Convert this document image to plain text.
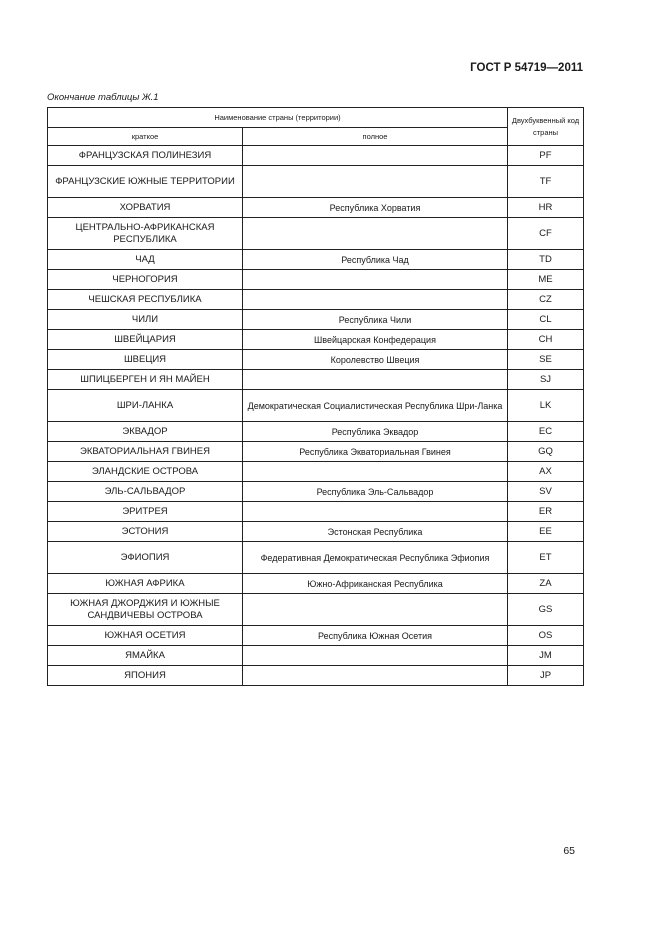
ГОСТ Р 54719—2011
Окончание таблицы Ж.1
Наименование страны (территории)		Двухбуквенный код страны
краткое	полное	
ФРАНЦУЗСКАЯ ПОЛИНЕЗИЯ		PF
ФРАНЦУЗСКИЕ ЮЖНЫЕ ТЕРРИТОРИИ		TF
ХОРВАТИЯ	Республика Хорватия	HR
ЦЕНТРАЛЬНО-АФРИКАНСКАЯ РЕСПУБЛИКА		CF
ЧАД	Республика Чад	TD
ЧЕРНОГОРИЯ		ME
ЧЕШСКАЯ РЕСПУБЛИКА		CZ
ЧИЛИ	Республика Чили	CL
ШВЕЙЦАРИЯ	Швейцарская Конфедерация	CH
ШВЕЦИЯ	Королевство Швеция	SE
ШПИЦБЕРГЕН И ЯН МАЙЕН		SJ
ШРИ-ЛАНКА	Демократическая Социалистическая Республика Шри-Ланка	LK
ЭКВАДОР	Республика Эквадор	EC
ЭКВАТОРИАЛЬНАЯ ГВИНЕЯ	Республика Экваториальная Гвинея	GQ
ЭЛАНДСКИЕ ОСТРОВА		AX
ЭЛЬ-САЛЬВАДОР	Республика Эль-Сальвадор	SV
ЭРИТРЕЯ		ER
ЭСТОНИЯ	Эстонская Республика	EE
ЭФИОПИЯ	Федеративная Демократическая Республика Эфиопия	ET
ЮЖНАЯ АФРИКА	Южно-Африканская Республика	ZA
ЮЖНАЯ ДЖОРДЖИЯ И ЮЖНЫЕ САНДВИЧЕВЫ ОСТРОВА		GS
ЮЖНАЯ ОСЕТИЯ	Республика Южная Осетия	OS
ЯМАЙКА		JM
ЯПОНИЯ		JP
65
